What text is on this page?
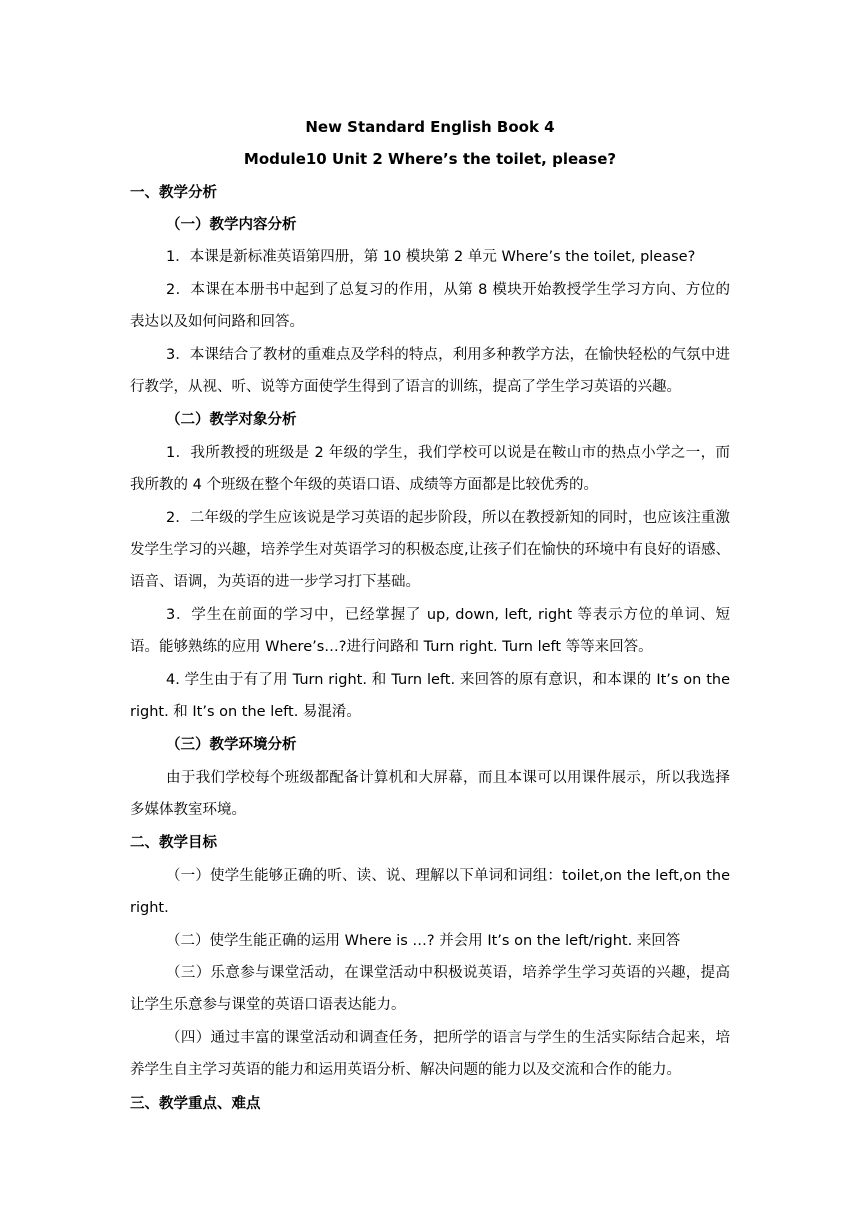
New Standard English Book 4
Module10 Unit 2 Where’s the toilet, please?

一、教学分析

（一）教学内容分析

1．本课是新标准英语第四册，第 10 模块第 2 单元 Where’s the toilet, please?

2．本课在本册书中起到了总复习的作用，从第 8 模块开始教授学生学习方向、方位的表达以及如何问路和回答。

3．本课结合了教材的重难点及学科的特点，利用多种教学方法，在愉快轻松的气氛中进行教学，从视、听、说等方面使学生得到了语言的训练，提高了学生学习英语的兴趣。

（二）教学对象分析

1．我所教授的班级是 2 年级的学生，我们学校可以说是在鞍山市的热点小学之一，而我所教的 4 个班级在整个年级的英语口语、成绩等方面都是比较优秀的。

2．二年级的学生应该说是学习英语的起步阶段，所以在教授新知的同时，也应该注重激发学生学习的兴趣，培养学生对英语学习的积极态度,让孩子们在愉快的环境中有良好的语感、语音、语调，为英语的进一步学习打下基础。

3．学生在前面的学习中，已经掌握了 up, down, left, right 等表示方位的单词、短语。能够熟练的应用 Where’s…?进行问路和 Turn right. Turn left 等等来回答。

4. 学生由于有了用 Turn right. 和 Turn left. 来回答的原有意识，和本课的 It’s on the right. 和 It’s on the left. 易混淆。

（三）教学环境分析

由于我们学校每个班级都配备计算机和大屏幕，而且本课可以用课件展示，所以我选择多媒体教室环境。

二、教学目标

（一）使学生能够正确的听、读、说、理解以下单词和词组：toilet,on the left,on the right.

（二）使学生能正确的运用 Where is …? 并会用 It’s on the left/right. 来回答

（三）乐意参与课堂活动，在课堂活动中积极说英语，培养学生学习英语的兴趣，提高让学生乐意参与课堂的英语口语表达能力。

（四）通过丰富的课堂活动和调查任务，把所学的语言与学生的生活实际结合起来，培养学生自主学习英语的能力和运用英语分析、解决问题的能力以及交流和合作的能力。

三、教学重点、难点
